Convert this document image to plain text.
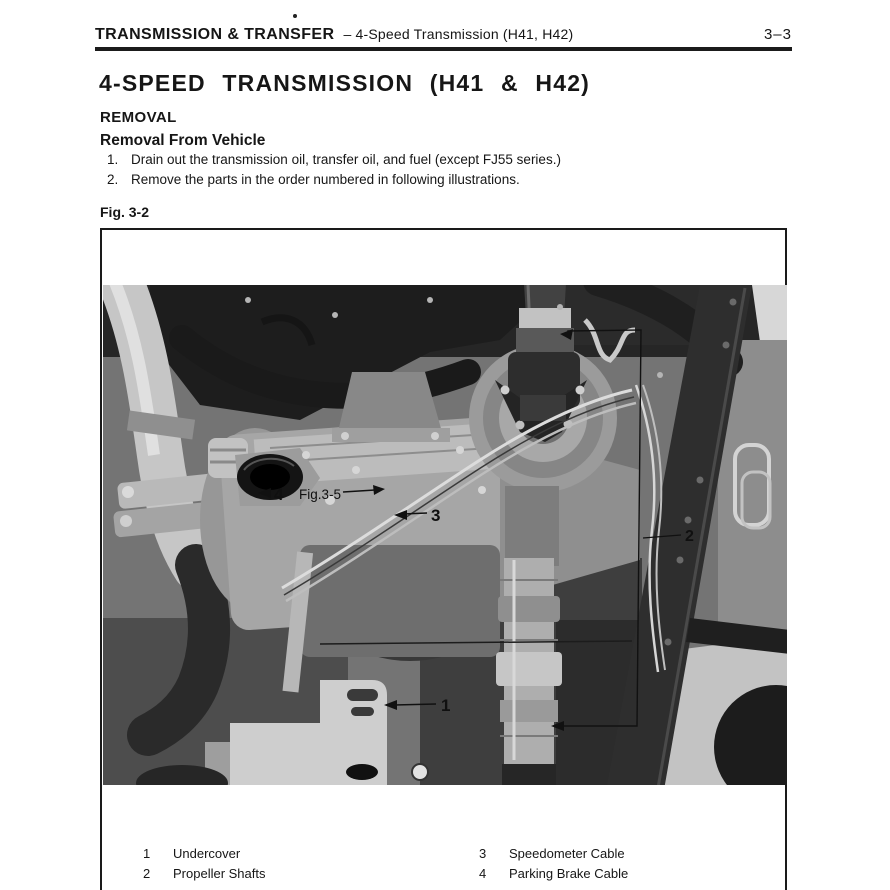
TRANSMISSION & TRANSFER – 4-Speed Transmission (H41, H42)	3–3
4-SPEED TRANSMISSION (H41 & H42)
REMOVAL
Removal From Vehicle
1. Drain out the transmission oil, transfer oil, and fuel (except FJ55 series.)
2. Remove the parts in the order numbered in following illustrations.
Fig. 3-2
4 Fig.3-5
3
2
1
1 Undercover
2 Propeller Shafts
3 Speedometer Cable
4 Parking Brake Cable
